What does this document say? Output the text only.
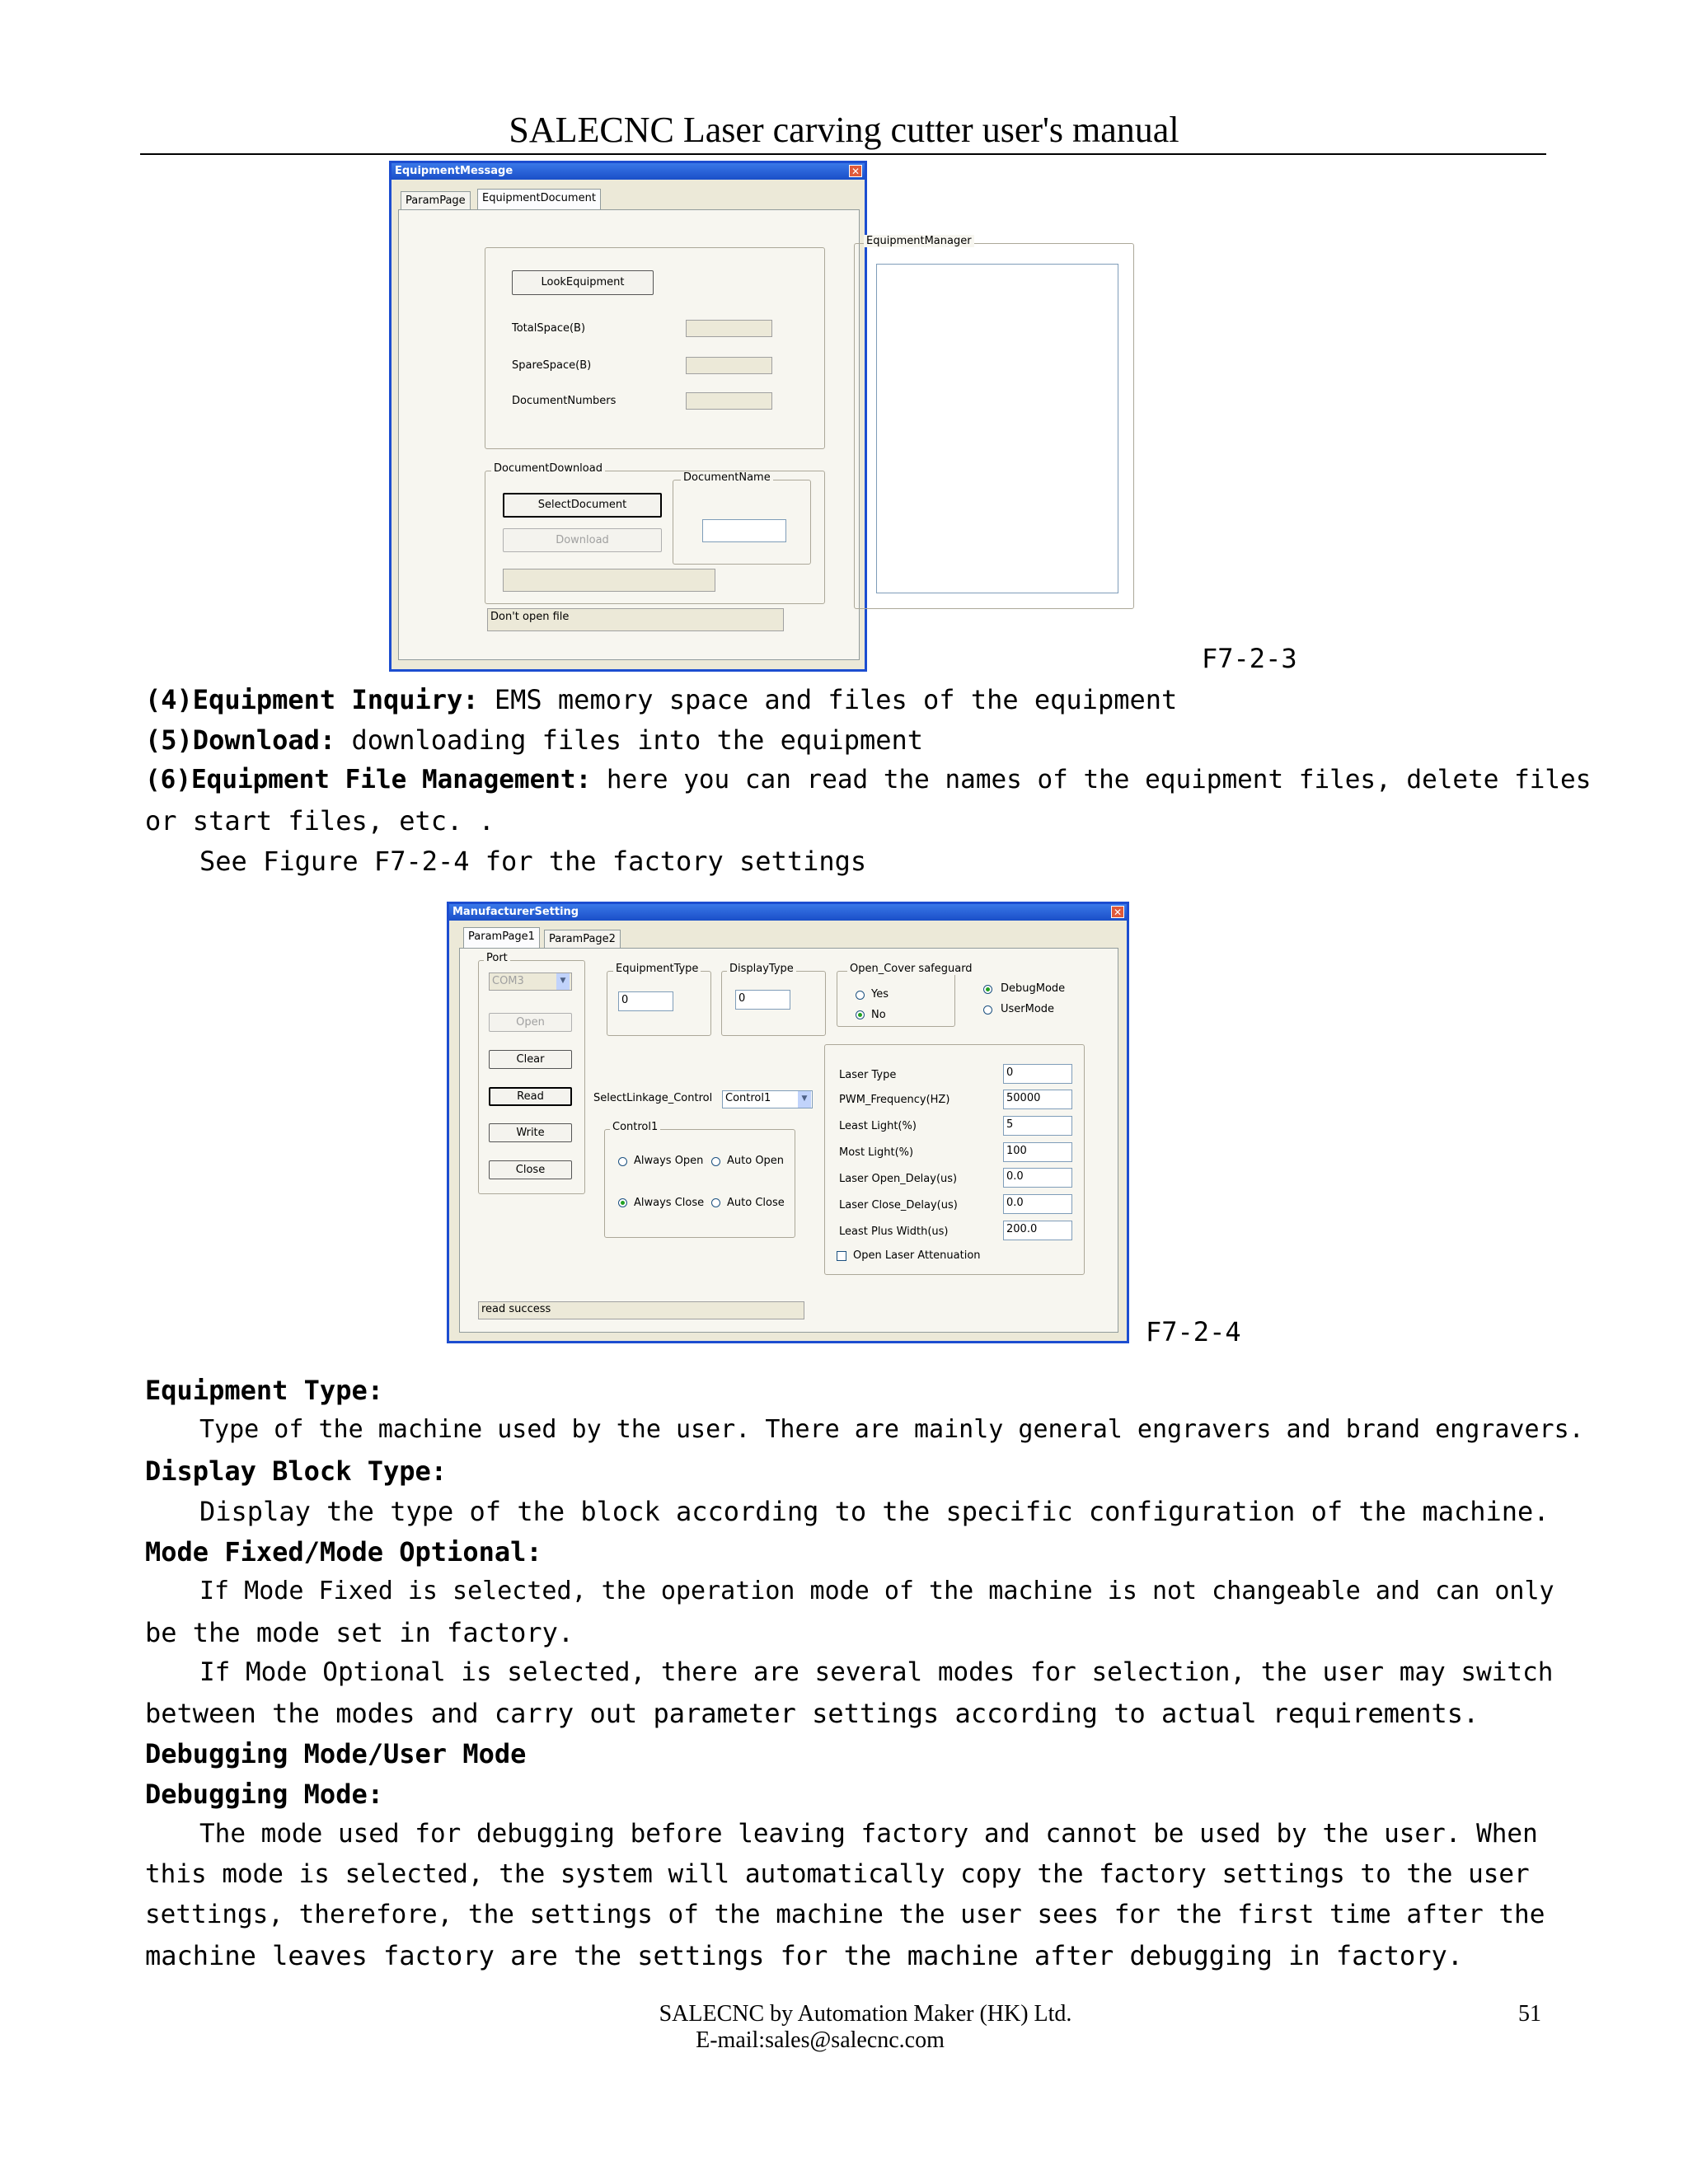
SALECNC Laser carving cutter user's manual
EquipmentMessage	✕
ParamPage	EquipmentDocument
LookEquipment
TotalSpace(B)
SpareSpace(B)
DocumentNumbers
DocumentDownload
SelectDocument
Download
DocumentName
Don't open file
EquipmentManager
F7-2-3
(4)Equipment Inquiry: EMS memory space and files of the equipment
(5)Download: downloading files into the equipment
(6)Equipment File Management: here you can read the names of the equipment files, delete files
or start files, etc. .
See Figure F7-2-4 for the factory settings
ManufacturerSetting	✕
ParamPage1	ParamPage2
Port
COM3	▼
Open
Clear
Read
Write
Close
EquipmentType
0
DisplayType
0
Open_Cover safeguard
Yes
No
DebugMode
UserMode
SelectLinkage_Control	Control1	▼
Control1
Always Open Auto Open
Always Close Auto Close
Laser Type	0
PWM_Frequency(HZ)	50000
Least Light(%)	5
Most Light(%)	100
Laser Open_Delay(us)	0.0
Laser Close_Delay(us)	0.0
Least Plus Width(us)	200.0
Open Laser Attenuation
read success
F7-2-4
Equipment Type:
Type of the machine used by the user. There are mainly general engravers and brand engravers.
Display Block Type:
Display the type of the block according to the specific configuration of the machine.
Mode Fixed/Mode Optional:
If Mode Fixed is selected, the operation mode of the machine is not changeable and can only
be the mode set in factory.
If Mode Optional is selected, there are several modes for selection, the user may switch
between the modes and carry out parameter settings according to actual requirements.
Debugging Mode/User Mode
Debugging Mode:
The mode used for debugging before leaving factory and cannot be used by the user. When
this mode is selected, the system will automatically copy the factory settings to the user
settings, therefore, the settings of the machine the user sees for the first time after the
machine leaves factory are the settings for the machine after debugging in factory.
SALECNC by Automation Maker (HK) Ltd.
E-mail:sales@salecnc.com
51
